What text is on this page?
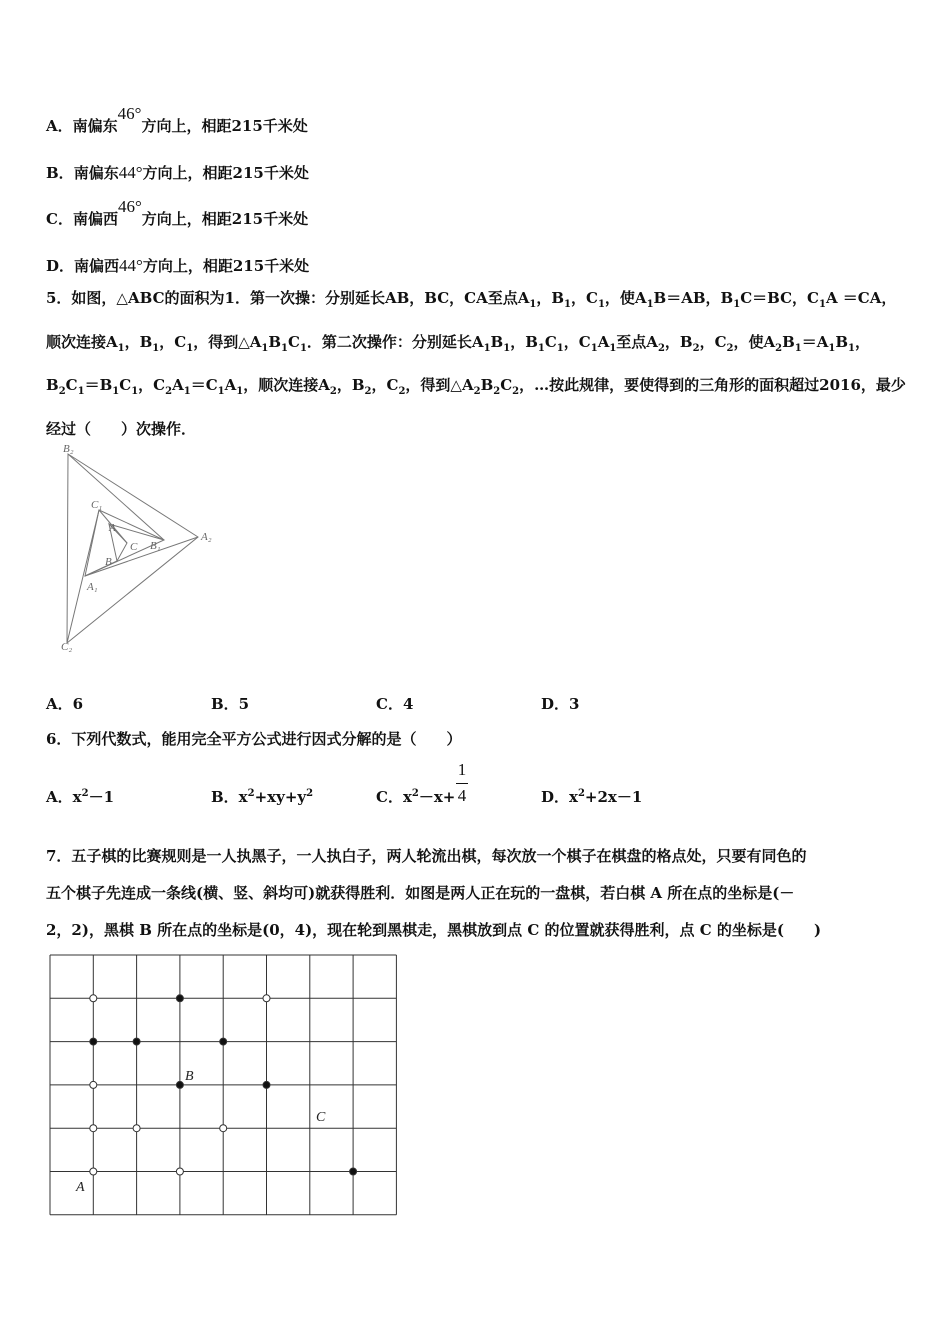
A．南偏东46°方向上，相距215千米处
B．南偏东44°方向上，相距215千米处
C．南偏西46°方向上，相距215千米处
D．南偏西44°方向上，相距215千米处
5．如图，△ABC的面积为1．第一次操：分别延长AB，BC，CA至点$A_1$，$B_1$，$C_1$，使$A_1B=AB$，$B_1C=BC$，$C_1A =CA$，顺次连接$A_1$，$B_1$，$C_1$，得到$\triangle A_1B_1C_1$．第二次操作：分别延长$A_1B_1$，$B_1C_1$，$C_1A_1$至点$A_2$，$B_2$，$C_2$，使$A_2B_1=A_1B_1$，$B_2C_1=B_1C_1$，$C_2A_1=C_1A_1$，顺次连接$A_2$，$B_2$，$C_2$，得到$\triangle A_2B_2C_2$，…按此规律，要使得到的三角形的面积超过2016，最少经过（　　）次操作．
B₂
C₁
A
C B₁
A₂
B
A₁
C₂
A．6	B．5	C．4	D．3
6．下列代数式，能用完全平方公式进行因式分解的是（　　）
A．$x^2-1$	B．$x^2+xy+y^2$	C．$x^2-x+$
1
4	D．$x^2+2x-1$
7．五子棋的比赛规则是一人执黑子，一人执白子，两人轮流出棋，每次放一个棋子在棋盘的格点处，只要有同色的
五个棋子先连成一条线(横、竖、斜均可)就获得胜利．如图是两人正在玩的一盘棋，若白棋 A 所在点的坐标是(－
2，2)，黑棋 B 所在点的坐标是(0，4)，现在轮到黑棋走，黑棋放到点 C 的位置就获得胜利，点 C 的坐标是(　　)
A
B
C
